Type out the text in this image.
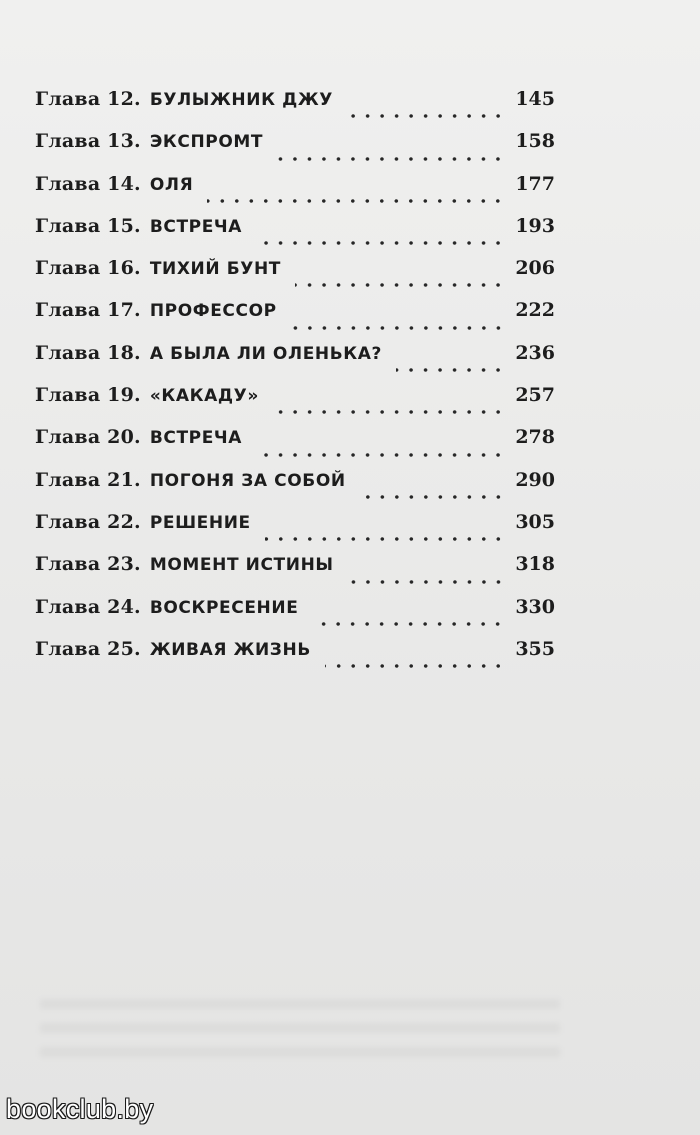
Глава 12. БУЛЫЖНИК ДЖУ	145
Глава 13. ЭКСПРОМТ	158
Глава 14. ОЛЯ	177
Глава 15. ВСТРЕЧА	193
Глава 16. ТИХИЙ БУНТ	206
Глава 17. ПРОФЕССОР	222
Глава 18. А БЫЛА ЛИ ОЛЕНЬКА?	236
Глава 19. «КАКАДУ»	257
Глава 20. ВСТРЕЧА	278
Глава 21. ПОГОНЯ ЗА СОБОЙ	290
Глава 22. РЕШЕНИЕ	305
Глава 23. МОМЕНТ ИСТИНЫ	318
Глава 24. ВОСКРЕСЕНИЕ	330
Глава 25. ЖИВАЯ ЖИЗНЬ	355
bookclub.by
